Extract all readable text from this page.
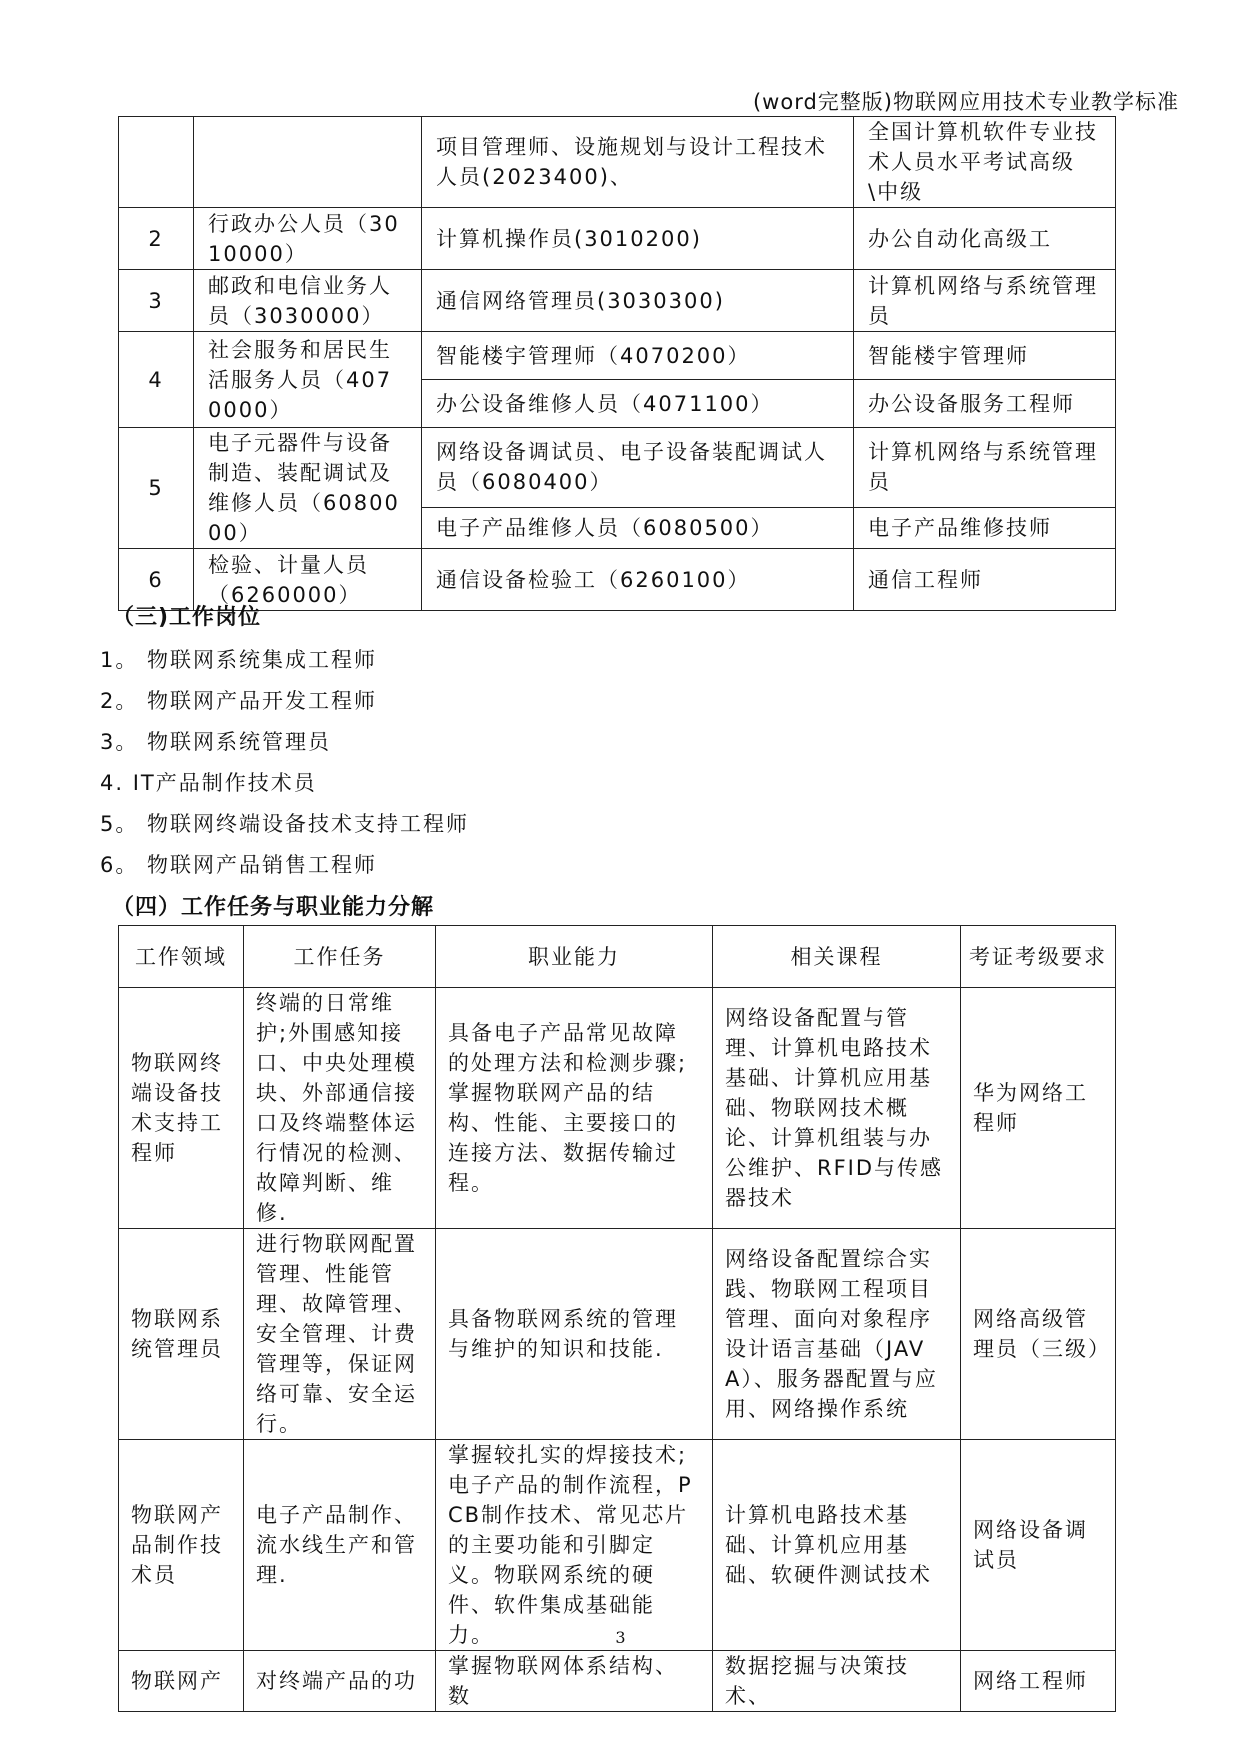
(word完整版)物联网应用技术专业教学标准
		项目管理师、设施规划与设计工程技术人员(2023400)、	全国计算机软件专业技术人员水平考试高级\中级
2	行政办公人员（3010000）	计算机操作员(3010200)	办公自动化高级工
3	邮政和电信业务人员（3030000）	通信网络管理员(3030300)	计算机网络与系统管理员
4	社会服务和居民生活服务人员（4070000）	智能楼宇管理师（4070200）	智能楼宇管理师
		办公设备维修人员（4071100）	办公设备服务工程师
5	电子元器件与设备制造、装配调试及维修人员（6080000）	网络设备调试员、电子设备装配调试人员（6080400）	计算机网络与系统管理员
		电子产品维修人员（6080500）	电子产品维修技师
6	检验、计量人员（6260000）	通信设备检验工（6260100）	通信工程师
（三)工作岗位
1。 物联网系统集成工程师
2。 物联网产品开发工程师
3。 物联网系统管理员
4. IT产品制作技术员
5。 物联网终端设备技术支持工程师
6。 物联网产品销售工程师
（四）工作任务与职业能力分解
工作领域	工作任务	职业能力	相关课程	考证考级要求
物联网终端设备技术支持工程师	终端的日常维护;外围感知接口、中央处理模块、外部通信接口及终端整体运行情况的检测、故障判断、维修.	具备电子产品常见故障的处理方法和检测步骤;掌握物联网产品的结构、性能、主要接口的连接方法、数据传输过程。	网络设备配置与管理、计算机电路技术基础、计算机应用基础、物联网技术概论、计算机组装与办公维护、RFID与传感器技术	华为网络工程师
物联网系统管理员	进行物联网配置管理、性能管理、故障管理、安全管理、计费管理等，保证网络可靠、安全运行。	具备物联网系统的管理与维护的知识和技能.	网络设备配置综合实践、物联网工程项目管理、面向对象程序设计语言基础（JAVA）、服务器配置与应用、网络操作系统	网络高级管理员（三级）
物联网产品制作技术员	电子产品制作、流水线生产和管理.	掌握较扎实的焊接技术;电子产品的制作流程，PCB制作技术、常见芯片的主要功能和引脚定义。物联网系统的硬件、软件集成基础能力。	计算机电路技术基础、计算机应用基础、软硬件测试技术	网络设备调试员
物联网产	对终端产品的功	掌握物联网体系结构、数	数据挖掘与决策技术、	网络工程师
3
